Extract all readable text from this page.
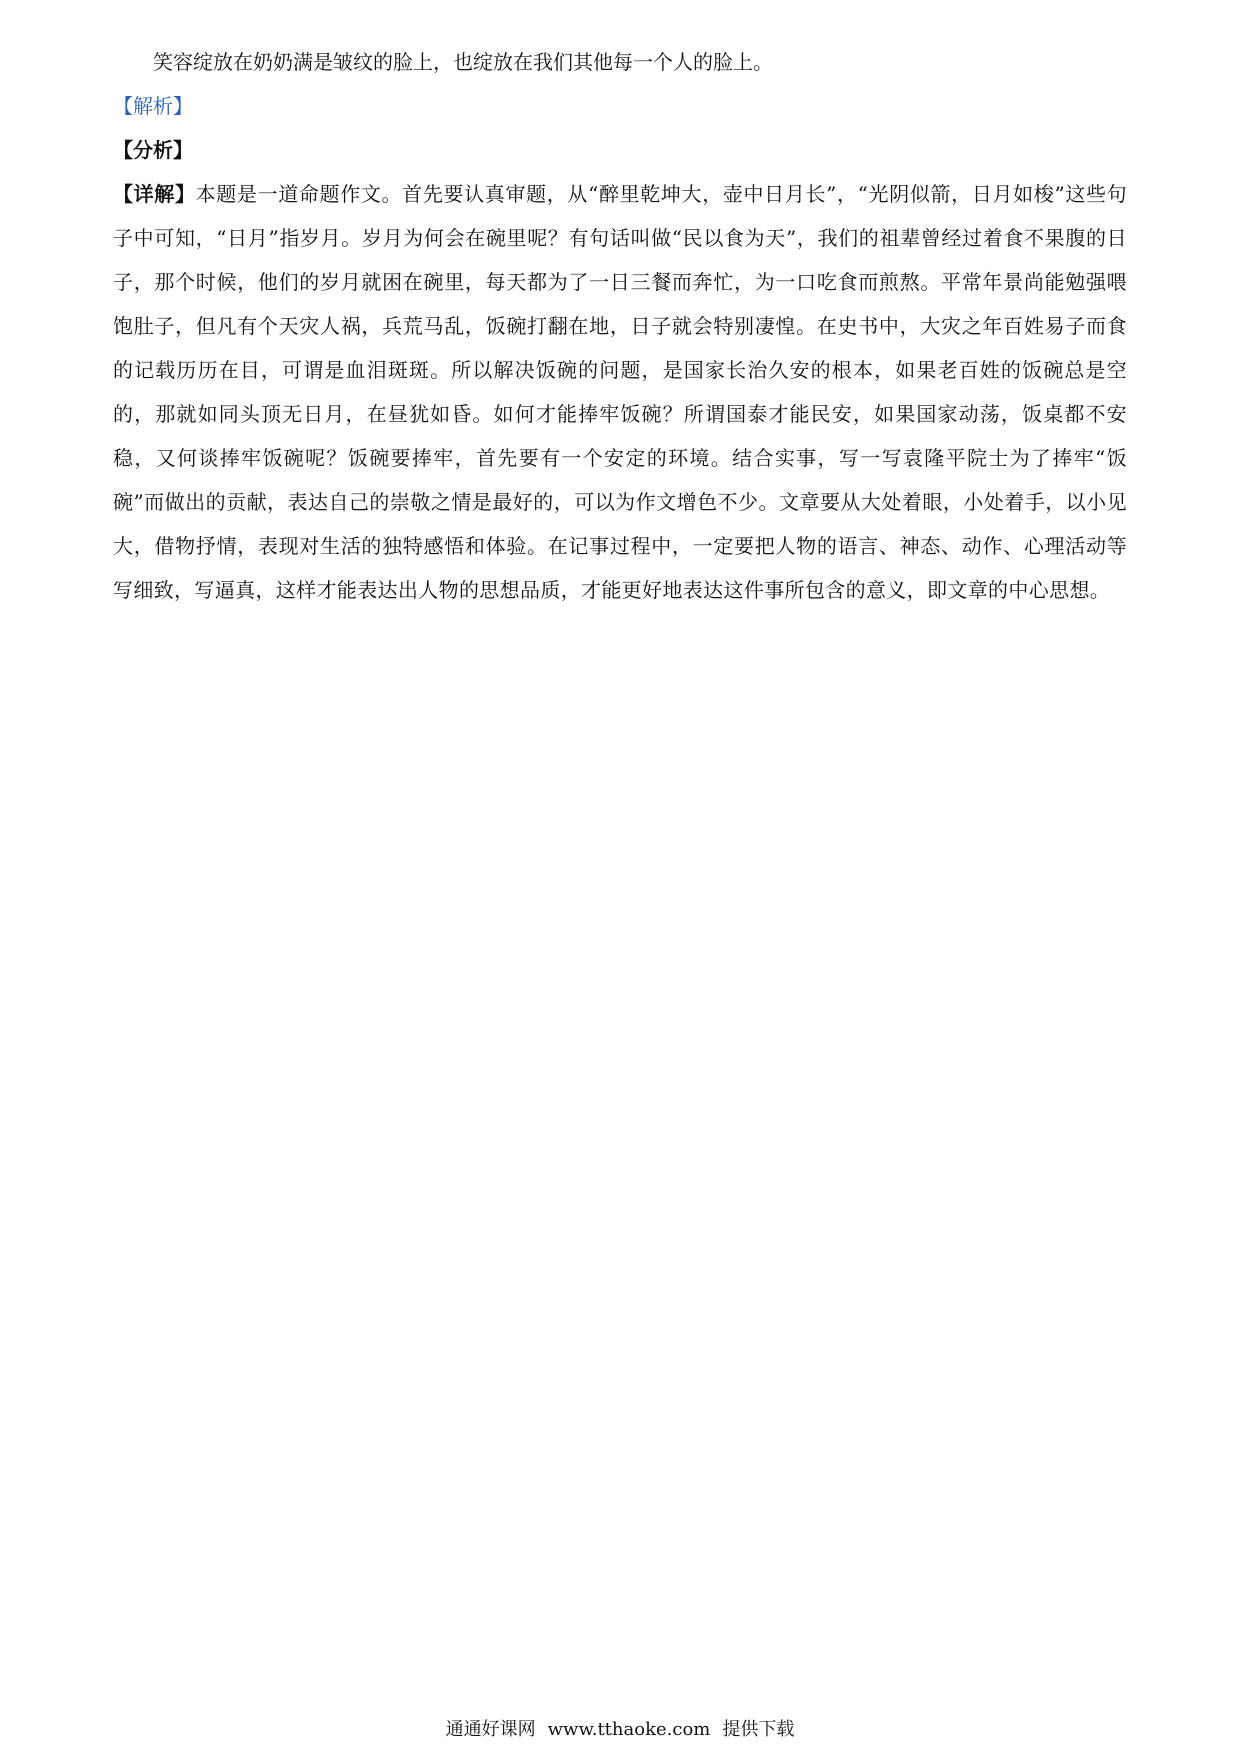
笑容绽放在奶奶满是皱纹的脸上，也绽放在我们其他每一个人的脸上。

【解析】

【分析】

【详解】本题是一道命题作文。首先要认真审题，从“醉里乾坤大，壶中日月长”，“光阴似箭，日月如梭”这些句子中可知，“日月”指岁月。岁月为何会在碗里呢？有句话叫做“民以食为天”，我们的祖辈曾经过着食不果腹的日子，那个时候，他们的岁月就困在碗里，每天都为了一日三餐而奔忙，为一口吃食而煎熬。平常年景尚能勉强喂饱肚子，但凡有个天灾人祸，兵荒马乱，饭碗打翻在地，日子就会特别凄惶。在史书中，大灾之年百姓易子而食的记载历历在目，可谓是血泪斑斑。所以解决饭碗的问题，是国家长治久安的根本，如果老百姓的饭碗总是空的，那就如同头顶无日月，在昼犹如昏。如何才能捧牢饭碗？所谓国泰才能民安，如果国家动荡，饭桌都不安稳，又何谈捧牢饭碗呢？饭碗要捧牢，首先要有一个安定的环境。结合实事，写一写袁隆平院士为了捧牢“饭碗”而做出的贡献，表达自己的崇敬之情是最好的，可以为作文增色不少。文章要从大处着眼，小处着手，以小见大，借物抒情，表现对生活的独特感悟和体验。在记事过程中，一定要把人物的语言、神态、动作、心理活动等写细致，写逼真，这样才能表达出人物的思想品质，才能更好地表达这件事所包含的意义，即文章的中心思想。

通通好课网 www.tthaoke.com 提供下载
